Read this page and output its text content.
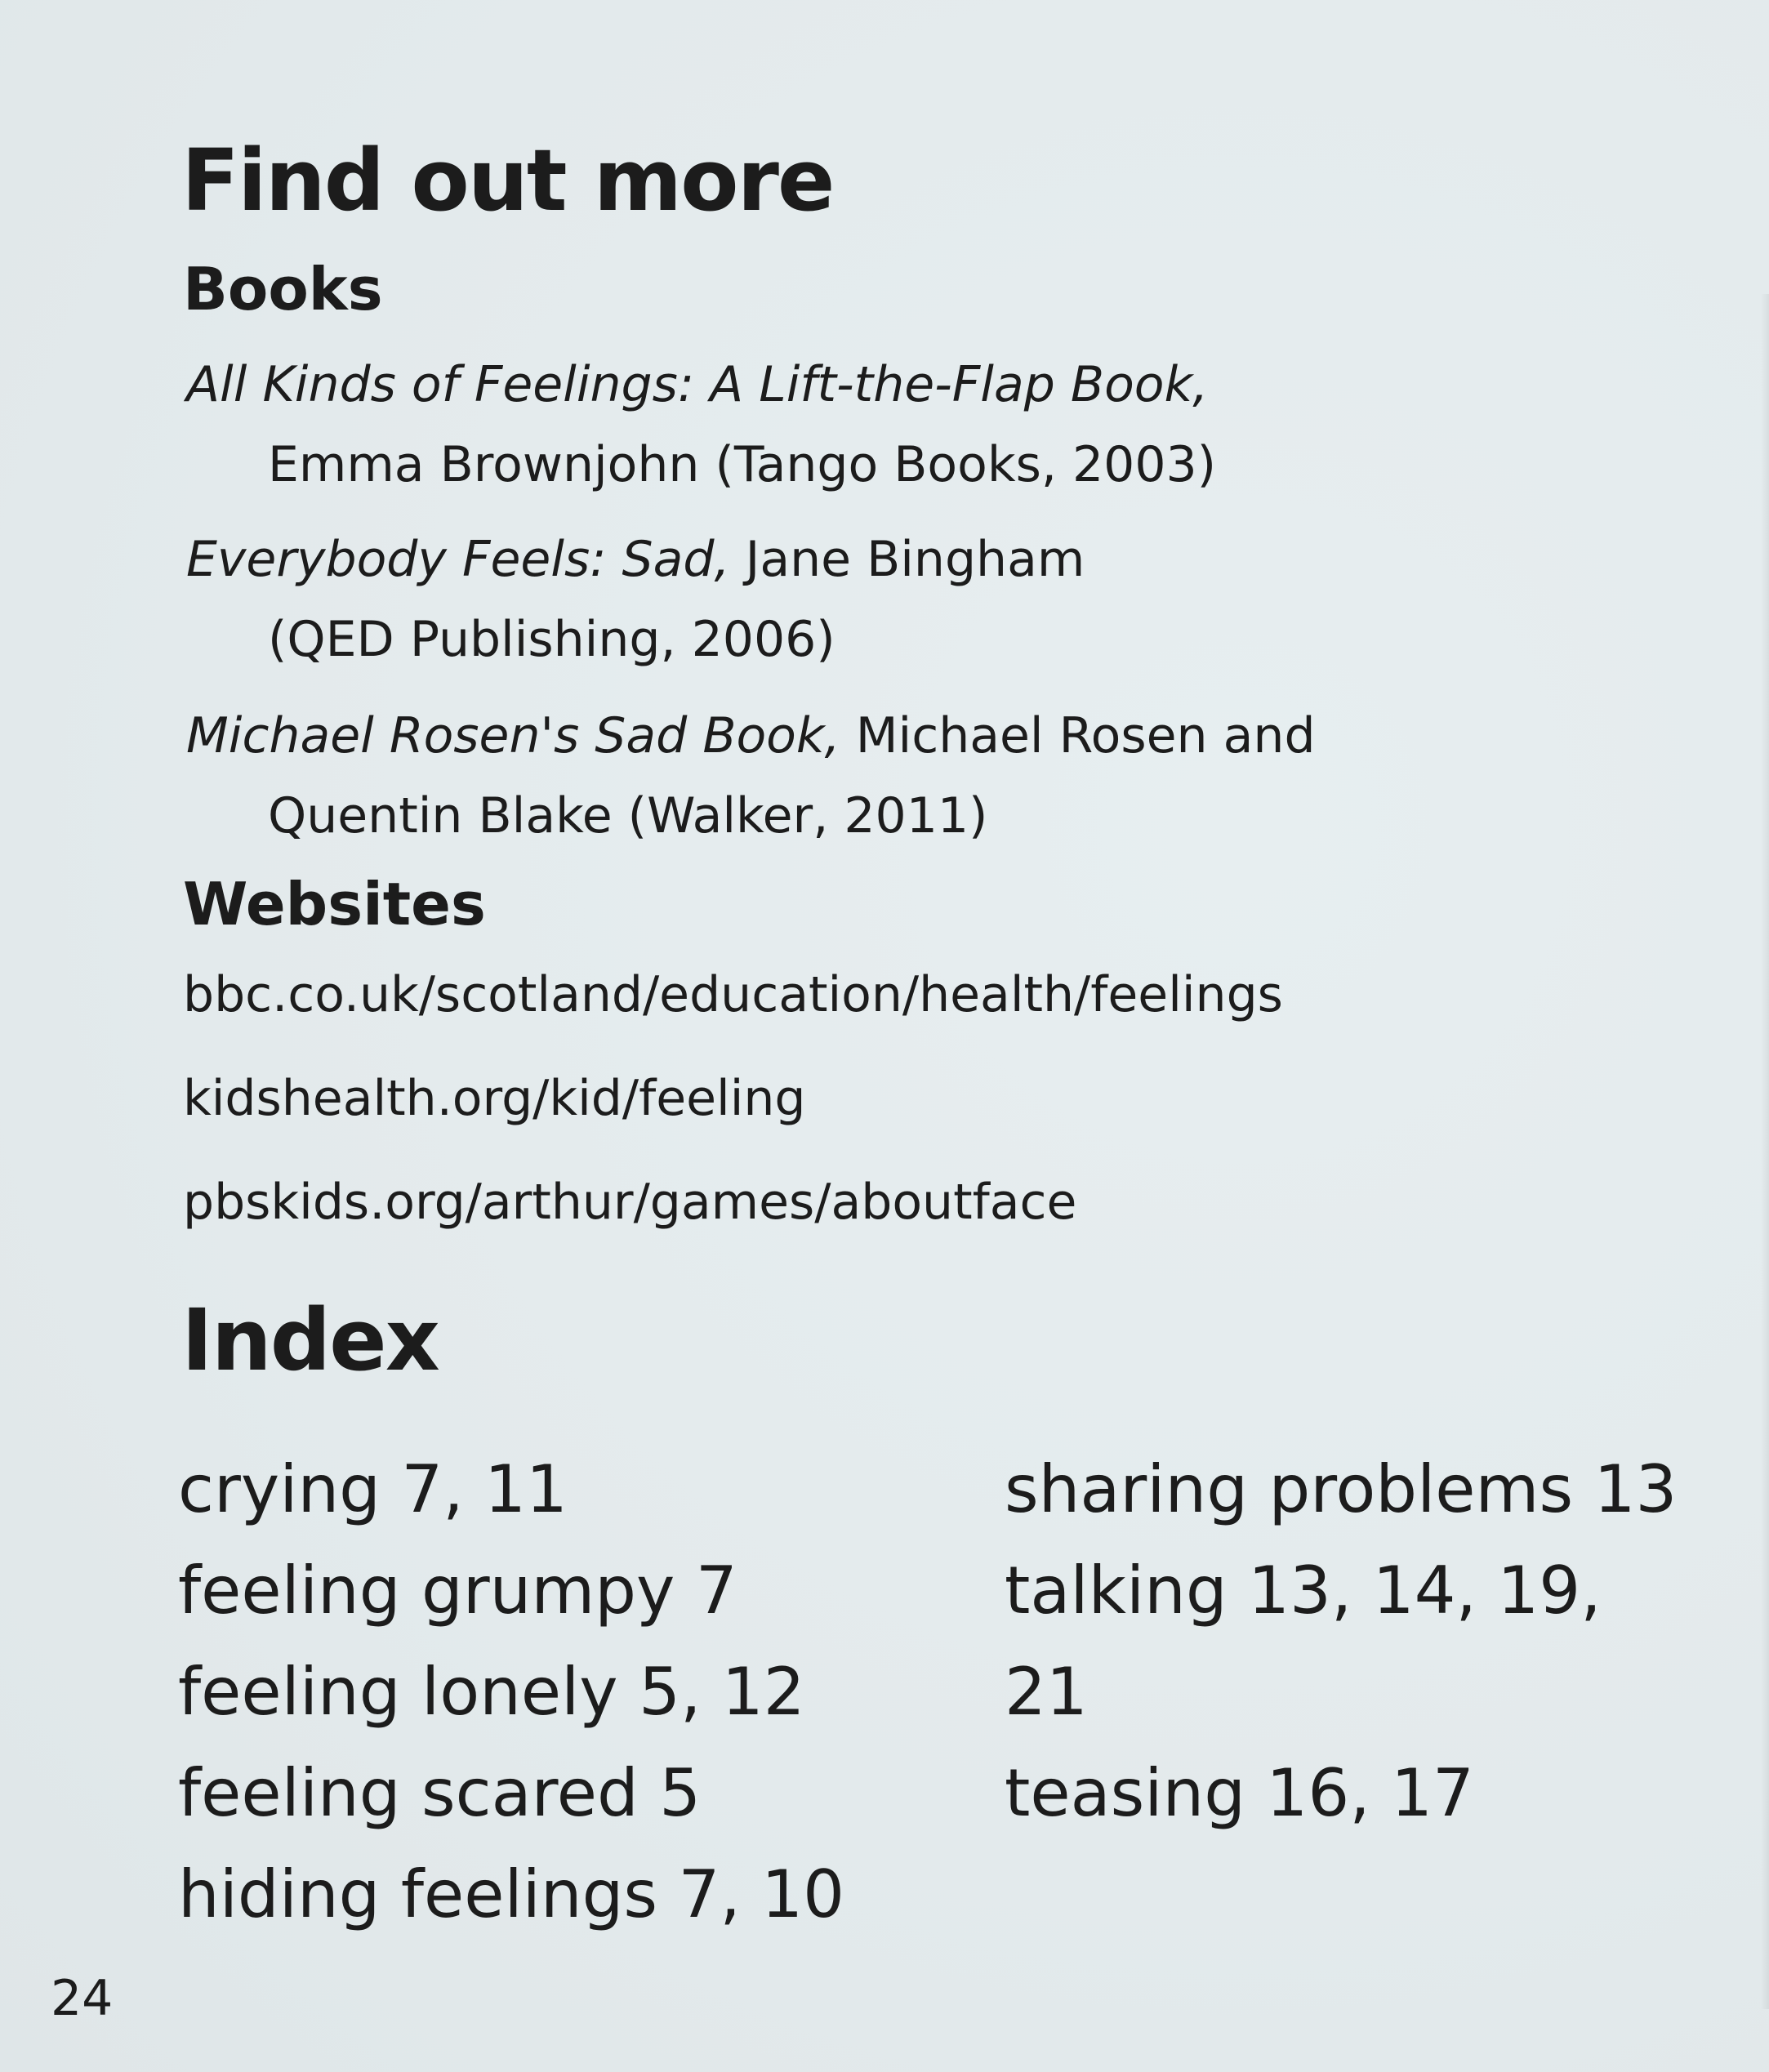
Find out more
Books
All Kinds of Feelings: A Lift-the-Flap Book,
Emma Brownjohn (Tango Books, 2003)
Everybody Feels: Sad, Jane Bingham
(QED Publishing, 2006)
Michael Rosen's Sad Book, Michael Rosen and
Quentin Blake (Walker, 2011)
Websites
bbc.co.uk/scotland/education/health/feelings
kidshealth.org/kid/feeling
pbskids.org/arthur/games/aboutface
Index
crying 7, 11
feeling grumpy 7
feeling lonely 5, 12
feeling scared 5
hiding feelings 7, 10
sharing problems 13
talking 13, 14, 19,
21
teasing 16, 17
24
